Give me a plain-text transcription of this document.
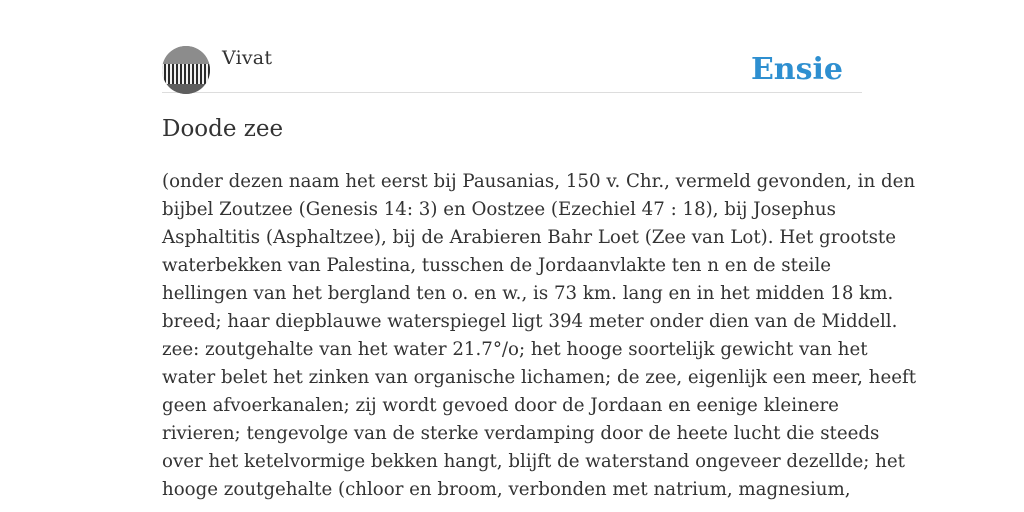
Vivat	Ensie
Doode zee
(onder dezen naam het eerst bij Pausanias, 150 v. Chr., vermeld gevonden, in den
bijbel Zoutzee (Genesis 14: 3) en Oostzee (Ezechiel 47 : 18), bij Josephus
Asphaltitis (Asphaltzee), bij de Arabieren Bahr Loet (Zee van Lot). Het grootste
waterbekken van Palestina, tusschen de Jordaanvlakte ten n en de steile
hellingen van het bergland ten o. en w., is 73 km. lang en in het midden 18 km.
breed; haar diepblauwe waterspiegel ligt 394 meter onder dien van de Middell.
zee: zoutgehalte van het water 21.7°/o; het hooge soortelijk gewicht van het
water belet het zinken van organische lichamen; de zee, eigenlijk een meer, heeft
geen afvoerkanalen; zij wordt gevoed door de Jordaan en eenige kleinere
rivieren; tengevolge van de sterke verdamping door de heete lucht die steeds
over het ketelvormige bekken hangt, blijft de waterstand ongeveer dezellde; het
hooge zoutgehalte (chloor en broom, verbonden met natrium, magnesium,
